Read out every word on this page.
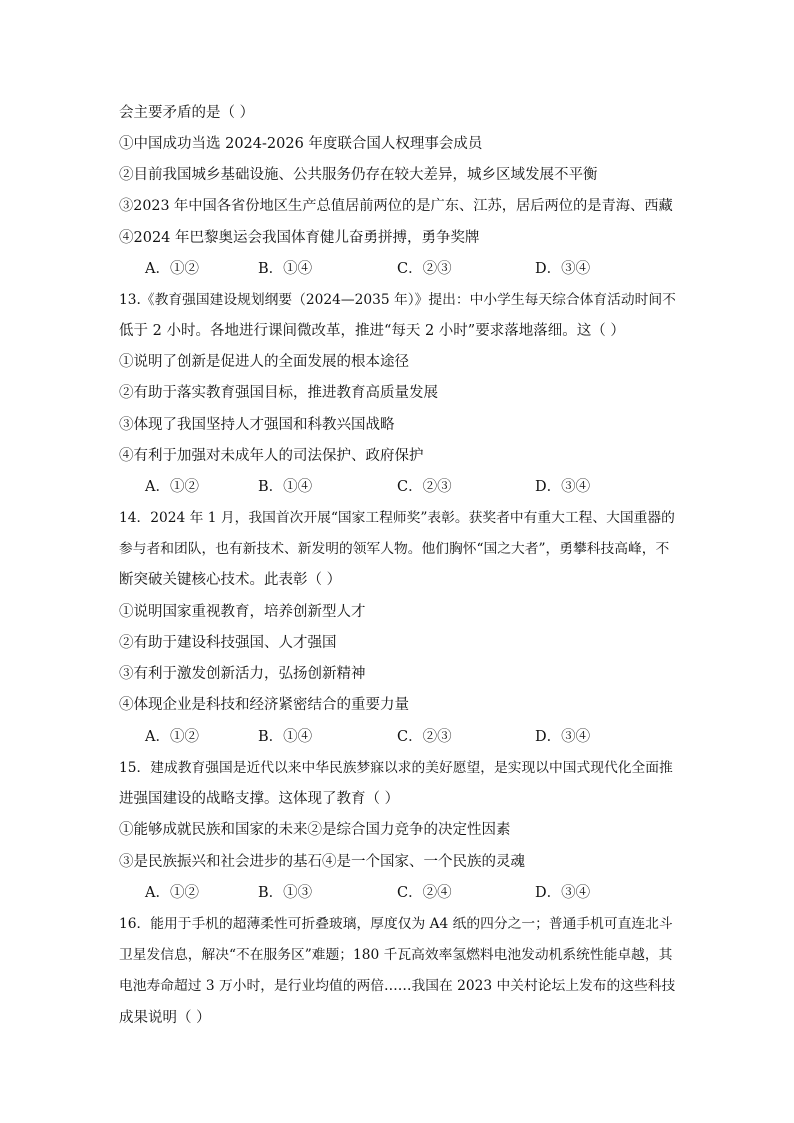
会主要矛盾的是（ ）
①中国成功当选 2024-2026 年度联合国人权理事会成员
②目前我国城乡基础设施、公共服务仍存在较大差异，城乡区域发展不平衡
③2023 年中国各省份地区生产总值居前两位的是广东、江苏，居后两位的是青海、西藏
④2024 年巴黎奥运会我国体育健儿奋勇拼搏，勇争奖牌
A．①②	B．①④	C．②③	D．③④
13.《教育强国建设规划纲要（2024—2035 年）》提出：中小学生每天综合体育活动时间不
低于 2 小时。各地进行课间微改革，推进“每天 2 小时”要求落地落细。这（ ）
①说明了创新是促进人的全面发展的根本途径
②有助于落实教育强国目标，推进教育高质量发展
③体现了我国坚持人才强国和科教兴国战略
④有利于加强对未成年人的司法保护、政府保护
A．①②	B．①④	C．②③	D．③④
14．2024 年 1 月，我国首次开展“国家工程师奖”表彰。获奖者中有重大工程、大国重器的
参与者和团队，也有新技术、新发明的领军人物。他们胸怀“国之大者”，勇攀科技高峰，不
断突破关键核心技术。此表彰（ ）
①说明国家重视教育，培养创新型人才
②有助于建设科技强国、人才强国
③有利于激发创新活力，弘扬创新精神
④体现企业是科技和经济紧密结合的重要力量
A．①②	B．①④	C．②③	D．③④
15．建成教育强国是近代以来中华民族梦寐以求的美好愿望，是实现以中国式现代化全面推
进强国建设的战略支撑。这体现了教育（ ）
①能够成就民族和国家的未来②是综合国力竞争的决定性因素
③是民族振兴和社会进步的基石④是一个国家、一个民族的灵魂
A．①②	B．①③	C．②④	D．③④
16．能用于手机的超薄柔性可折叠玻璃，厚度仅为 A4 纸的四分之一；普通手机可直连北斗
卫星发信息，解决“不在服务区”难题；180 千瓦高效率氢燃料电池发动机系统性能卓越，其
电池寿命超过 3 万小时，是行业均值的两倍……我国在 2023 中关村论坛上发布的这些科技
成果说明（ ）
